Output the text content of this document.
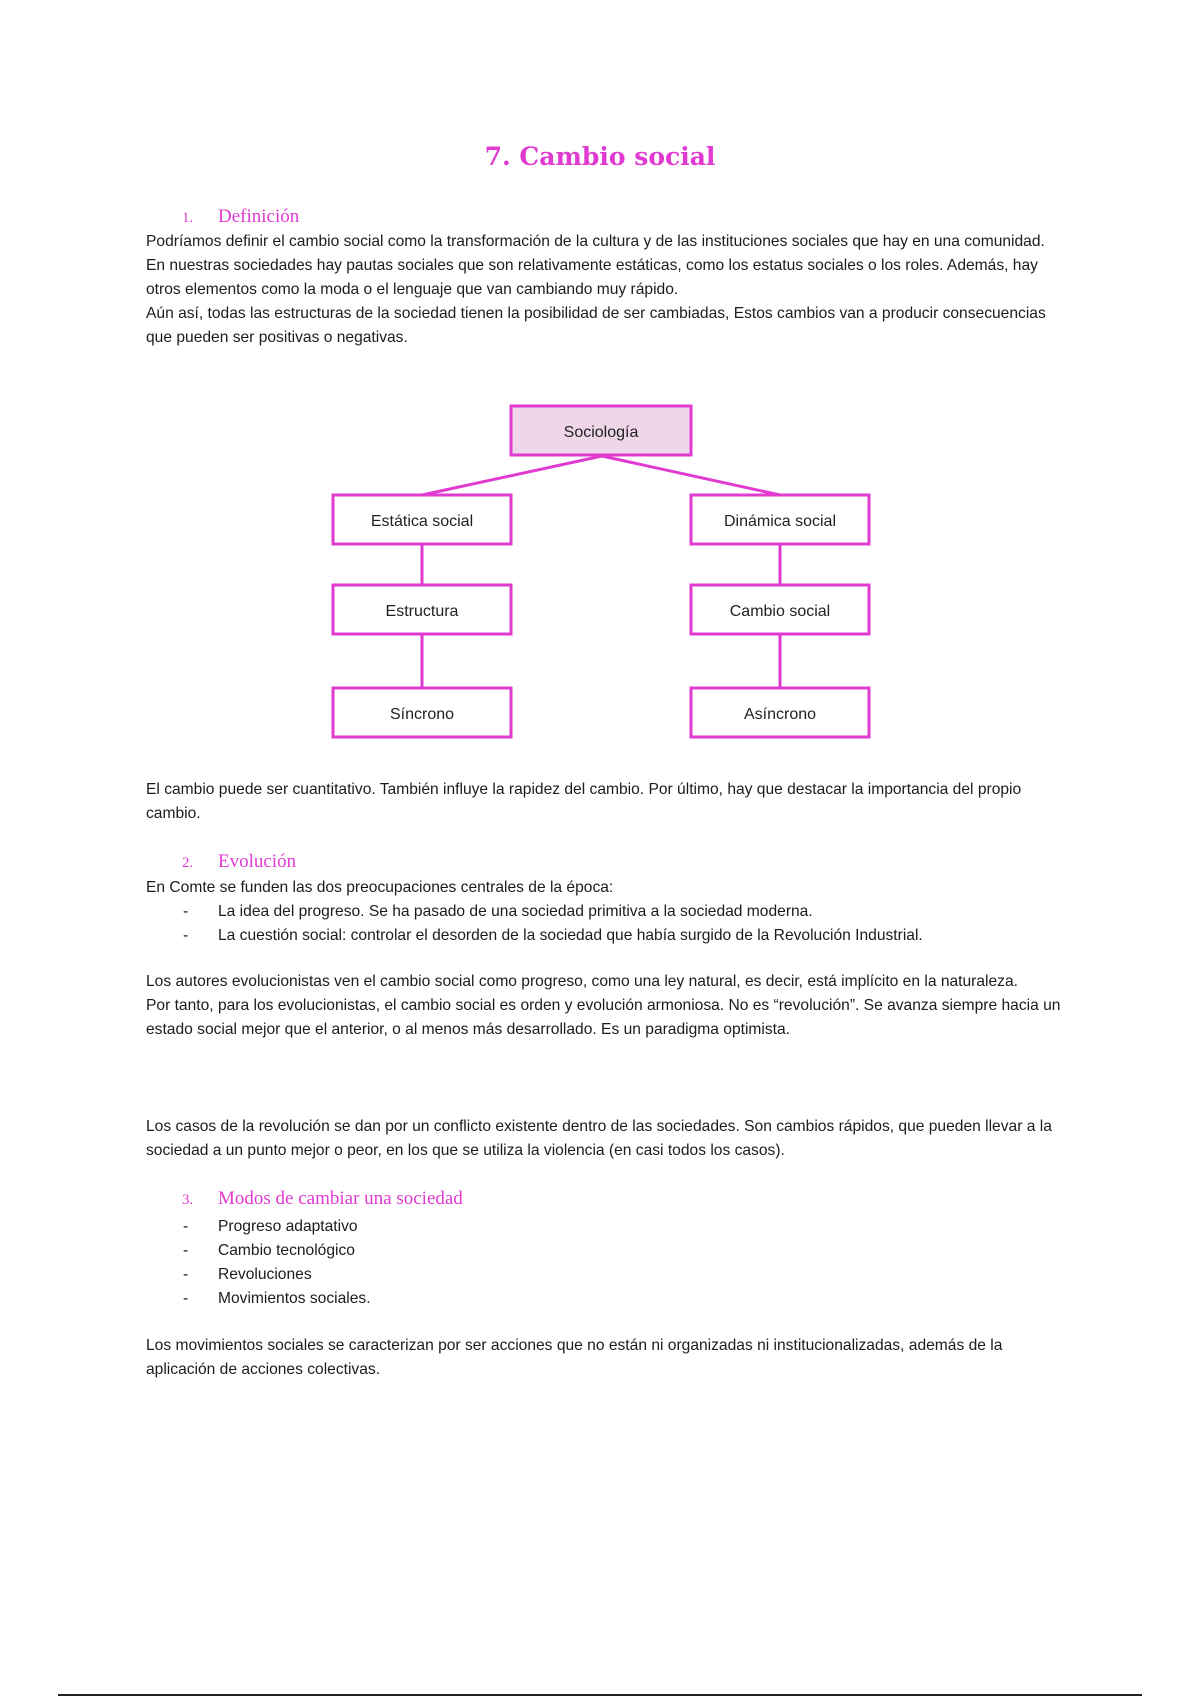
7. Cambio social
1. Definición

Podríamos definir el cambio social como la transformación de la cultura y de las instituciones sociales que hay en una comunidad.

En nuestras sociedades hay pautas sociales que son relativamente estáticas, como los estatus sociales o los roles. Además, hay otros elementos como la moda o el lenguaje que van cambiando muy rápido.

Aún así, todas las estructuras de la sociedad tienen la posibilidad de ser cambiadas, Estos cambios van a producir consecuencias que pueden ser positivas o negativas.

Sociología
Estática social
Estructura
Síncrono
Dinámica social
Cambio social
Asíncrono

El cambio puede ser cuantitativo. También influye la rapidez del cambio. Por último, hay que destacar la importancia del propio cambio.

2. Evolución

En Comte se funden las dos preocupaciones centrales de la época:

- La idea del progreso. Se ha pasado de una sociedad primitiva a la sociedad moderna.
- La cuestión social: controlar el desorden de la sociedad que había surgido de la Revolución Industrial.

Los autores evolucionistas ven el cambio social como progreso, como una ley natural, es decir, está implícito en la naturaleza.

Por tanto, para los evolucionistas, el cambio social es orden y evolución armoniosa. No es “revolución”. Se avanza siempre hacia un estado social mejor que el anterior, o al menos más desarrollado. Es un paradigma optimista.

Los casos de la revolución se dan por un conflicto existente dentro de las sociedades. Son cambios rápidos, que pueden llevar a la sociedad a un punto mejor o peor, en los que se utiliza la violencia (en casi todos los casos).

3. Modos de cambiar una sociedad
- Progreso adaptativo
- Cambio tecnológico
- Revoluciones
- Movimientos sociales.

Los movimientos sociales se caracterizan por ser acciones que no están ni organizadas ni institucionalizadas, además de la aplicación de acciones colectivas.
